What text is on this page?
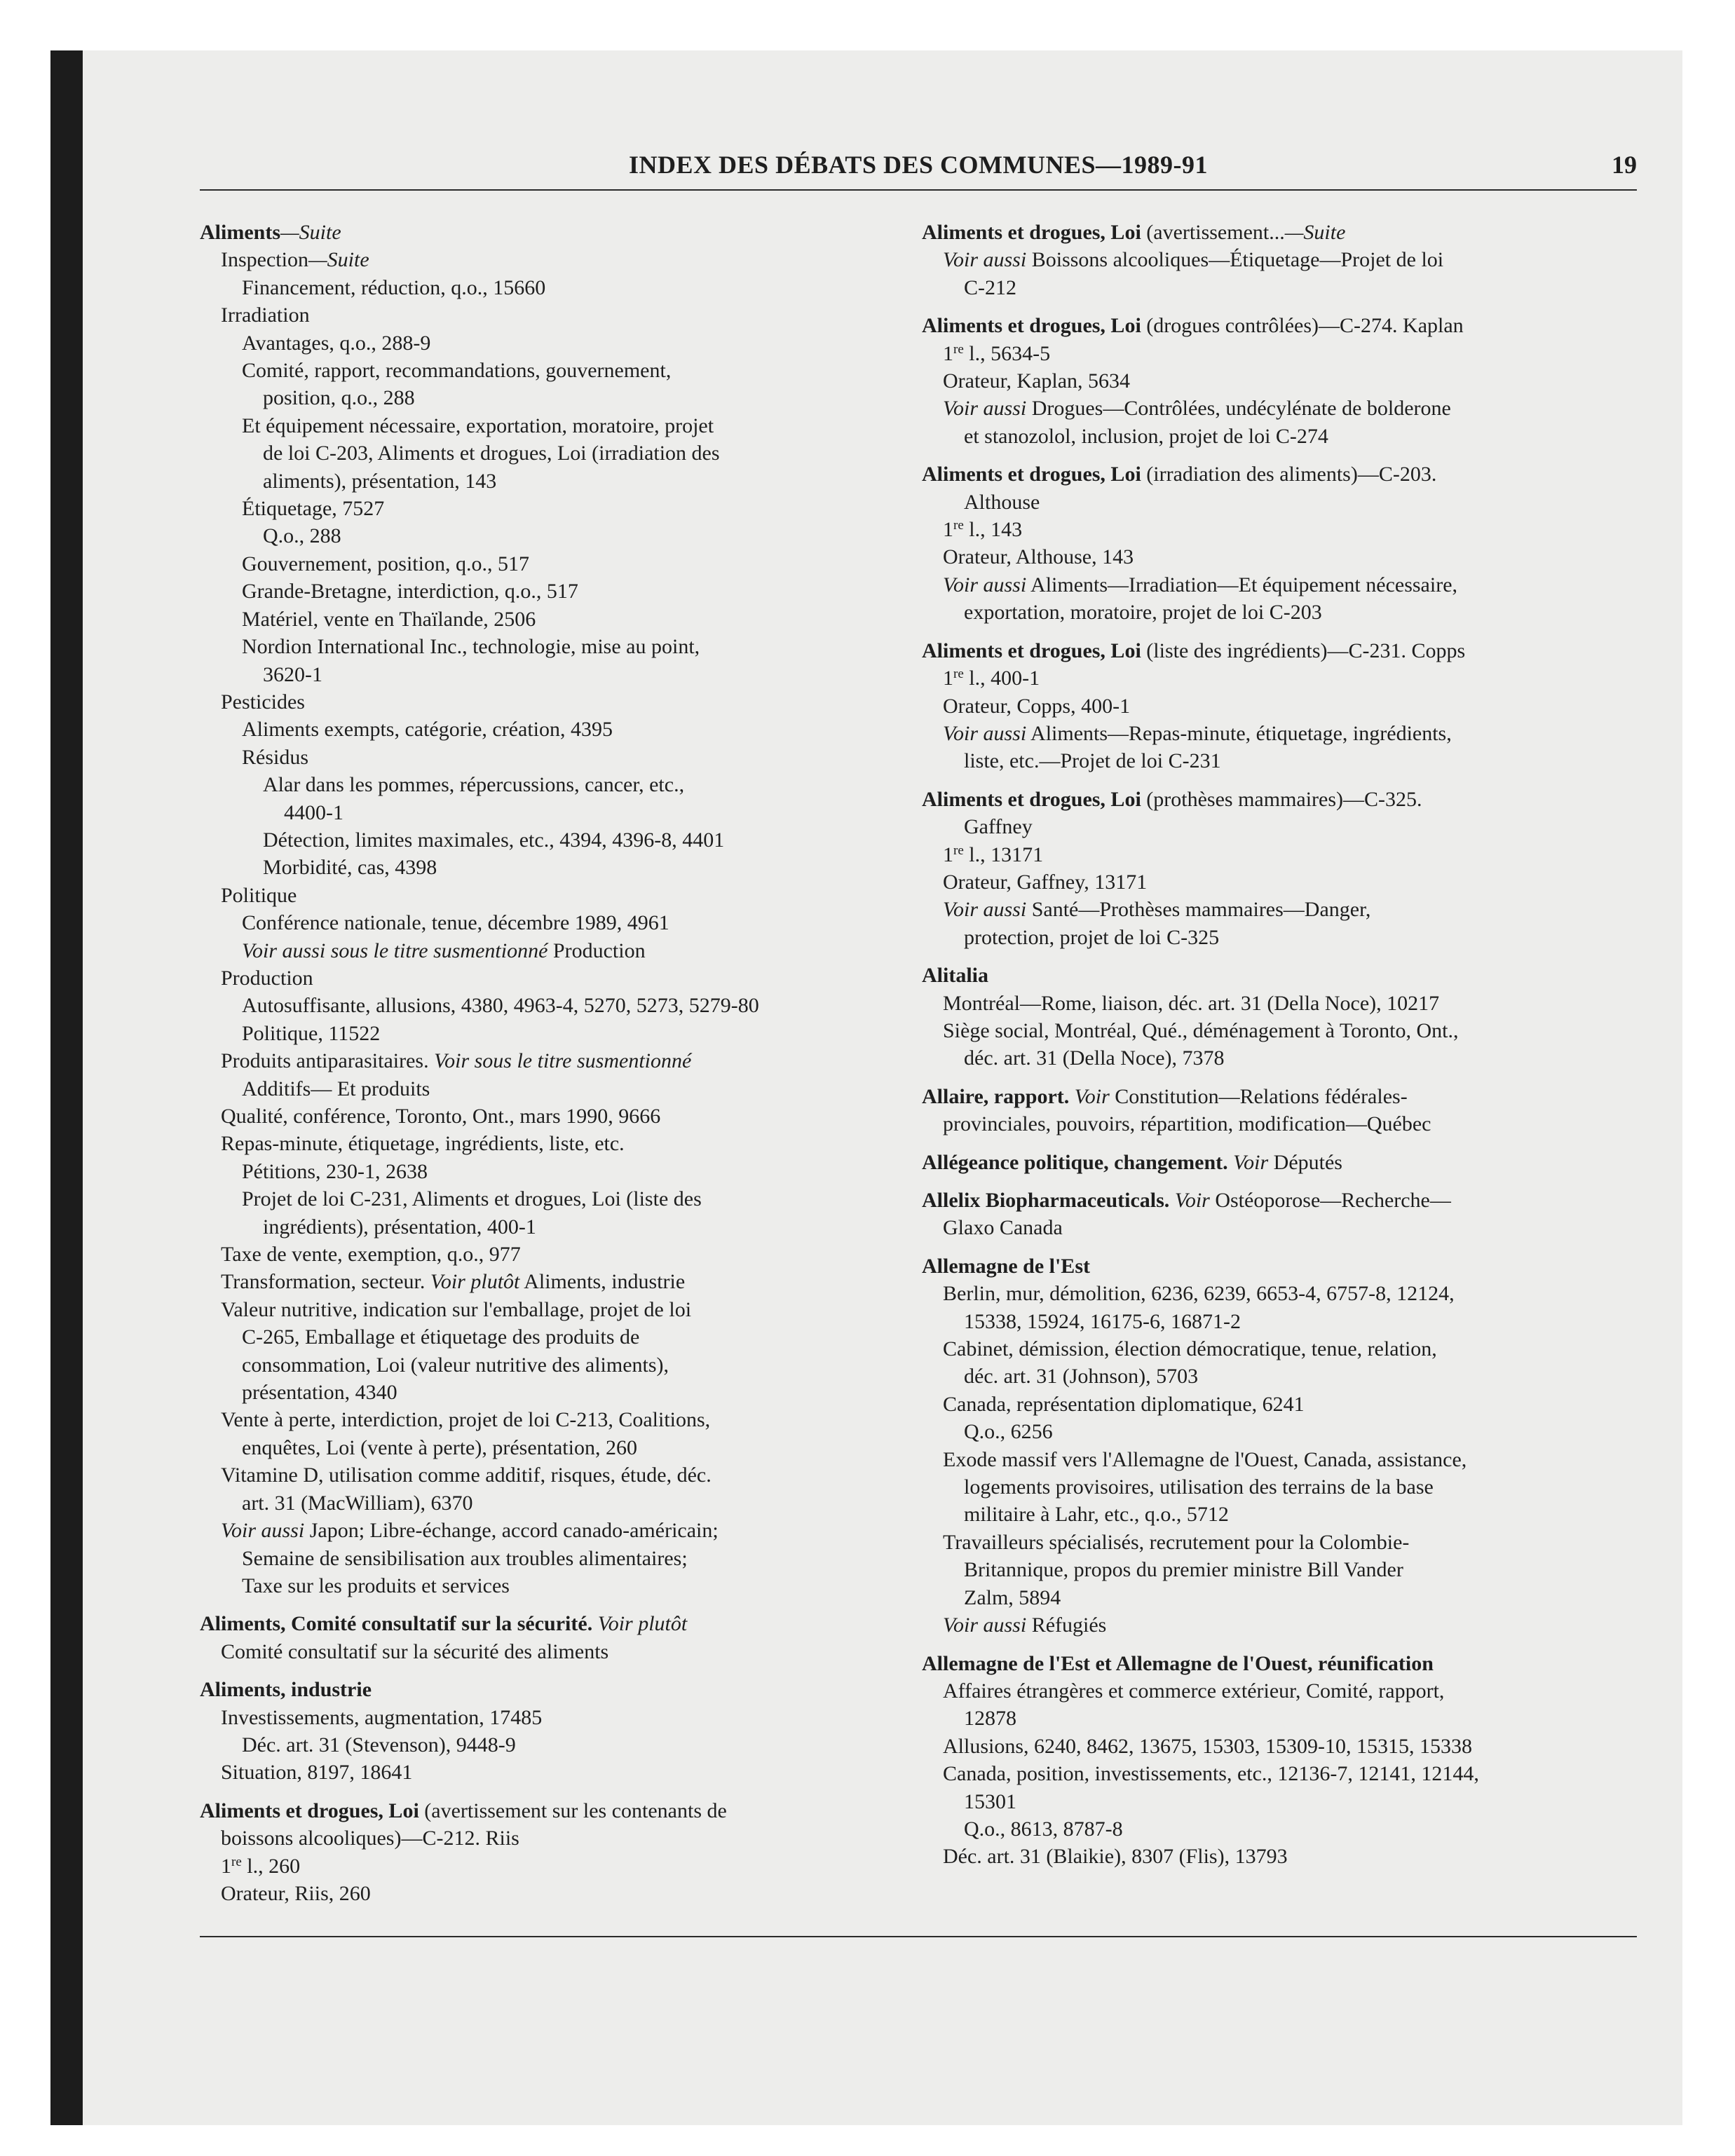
INDEX DES DÉBATS DES COMMUNES—1989-91	19
Aliments—Suite
Inspection—Suite
Financement, réduction, q.o., 15660
Irradiation
Avantages, q.o., 288-9
Comité, rapport, recommandations, gouvernement,
position, q.o., 288
Et équipement nécessaire, exportation, moratoire, projet
de loi C-203, Aliments et drogues, Loi (irradiation des
aliments), présentation, 143
Étiquetage, 7527
Q.o., 288
Gouvernement, position, q.o., 517
Grande-Bretagne, interdiction, q.o., 517
Matériel, vente en Thaïlande, 2506
Nordion International Inc., technologie, mise au point,
3620-1
Pesticides
Aliments exempts, catégorie, création, 4395
Résidus
Alar dans les pommes, répercussions, cancer, etc.,
4400-1
Détection, limites maximales, etc., 4394, 4396-8, 4401
Morbidité, cas, 4398
Politique
Conférence nationale, tenue, décembre 1989, 4961
Voir aussi sous le titre susmentionné Production
Production
Autosuffisante, allusions, 4380, 4963-4, 5270, 5273, 5279-80
Politique, 11522
Produits antiparasitaires. Voir sous le titre susmentionné
Additifs— Et produits
Qualité, conférence, Toronto, Ont., mars 1990, 9666
Repas-minute, étiquetage, ingrédients, liste, etc.
Pétitions, 230-1, 2638
Projet de loi C-231, Aliments et drogues, Loi (liste des
ingrédients), présentation, 400-1
Taxe de vente, exemption, q.o., 977
Transformation, secteur. Voir plutôt Aliments, industrie
Valeur nutritive, indication sur l'emballage, projet de loi
C-265, Emballage et étiquetage des produits de
consommation, Loi (valeur nutritive des aliments),
présentation, 4340
Vente à perte, interdiction, projet de loi C-213, Coalitions,
enquêtes, Loi (vente à perte), présentation, 260
Vitamine D, utilisation comme additif, risques, étude, déc.
art. 31 (MacWilliam), 6370
Voir aussi Japon; Libre-échange, accord canado-américain;
Semaine de sensibilisation aux troubles alimentaires;
Taxe sur les produits et services
Aliments, Comité consultatif sur la sécurité. Voir plutôt
Comité consultatif sur la sécurité des aliments
Aliments, industrie
Investissements, augmentation, 17485
Déc. art. 31 (Stevenson), 9448-9
Situation, 8197, 18641
Aliments et drogues, Loi (avertissement sur les contenants de
boissons alcooliques)—C-212. Riis
1re l., 260
Orateur, Riis, 260
Aliments et drogues, Loi (avertissement...—Suite
Voir aussi Boissons alcooliques—Étiquetage—Projet de loi
C-212
Aliments et drogues, Loi (drogues contrôlées)—C-274. Kaplan
1re l., 5634-5
Orateur, Kaplan, 5634
Voir aussi Drogues—Contrôlées, undécylénate de bolderone
et stanozolol, inclusion, projet de loi C-274
Aliments et drogues, Loi (irradiation des aliments)—C-203.
Althouse
1re l., 143
Orateur, Althouse, 143
Voir aussi Aliments—Irradiation—Et équipement nécessaire,
exportation, moratoire, projet de loi C-203
Aliments et drogues, Loi (liste des ingrédients)—C-231. Copps
1re l., 400-1
Orateur, Copps, 400-1
Voir aussi Aliments—Repas-minute, étiquetage, ingrédients,
liste, etc.—Projet de loi C-231
Aliments et drogues, Loi (prothèses mammaires)—C-325.
Gaffney
1re l., 13171
Orateur, Gaffney, 13171
Voir aussi Santé—Prothèses mammaires—Danger,
protection, projet de loi C-325
Alitalia
Montréal—Rome, liaison, déc. art. 31 (Della Noce), 10217
Siège social, Montréal, Qué., déménagement à Toronto, Ont.,
déc. art. 31 (Della Noce), 7378
Allaire, rapport. Voir Constitution—Relations fédérales-
provinciales, pouvoirs, répartition, modification—Québec
Allégeance politique, changement. Voir Députés
Allelix Biopharmaceuticals. Voir Ostéoporose—Recherche—
Glaxo Canada
Allemagne de l'Est
Berlin, mur, démolition, 6236, 6239, 6653-4, 6757-8, 12124,
15338, 15924, 16175-6, 16871-2
Cabinet, démission, élection démocratique, tenue, relation,
déc. art. 31 (Johnson), 5703
Canada, représentation diplomatique, 6241
Q.o., 6256
Exode massif vers l'Allemagne de l'Ouest, Canada, assistance,
logements provisoires, utilisation des terrains de la base
militaire à Lahr, etc., q.o., 5712
Travailleurs spécialisés, recrutement pour la Colombie-
Britannique, propos du premier ministre Bill Vander
Zalm, 5894
Voir aussi Réfugiés
Allemagne de l'Est et Allemagne de l'Ouest, réunification
Affaires étrangères et commerce extérieur, Comité, rapport,
12878
Allusions, 6240, 8462, 13675, 15303, 15309-10, 15315, 15338
Canada, position, investissements, etc., 12136-7, 12141, 12144,
15301
Q.o., 8613, 8787-8
Déc. art. 31 (Blaikie), 8307 (Flis), 13793
